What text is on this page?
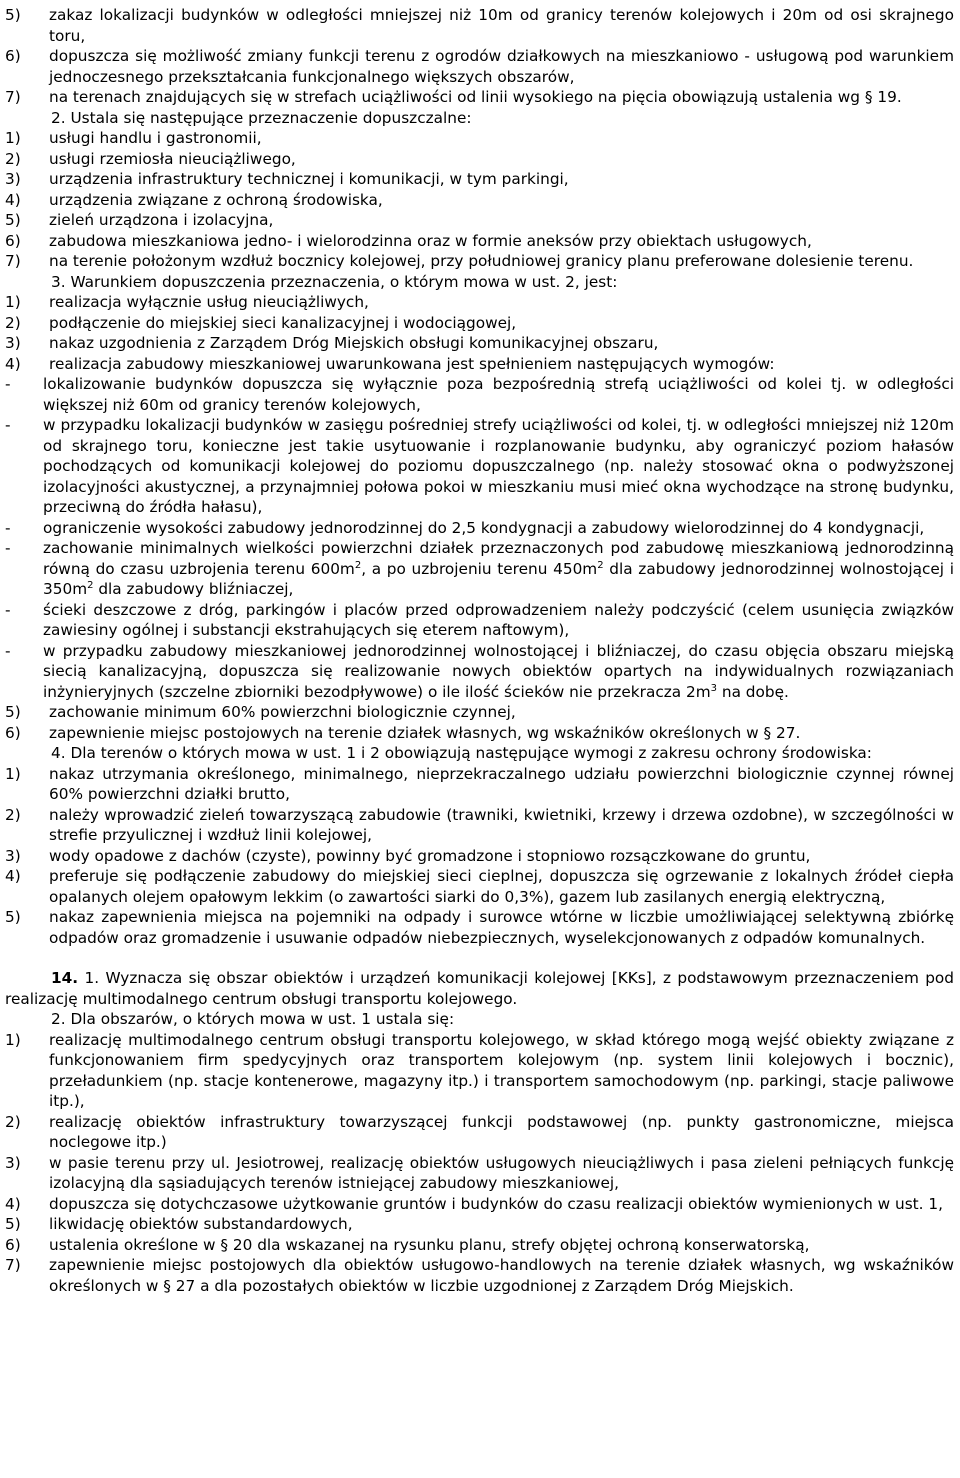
5) zakaz lokalizacji budynków w odległości mniejszej niż 10m od granicy terenów kolejowych i 20m od osi skrajnego toru,

6) dopuszcza się możliwość zmiany funkcji terenu z ogrodów działkowych na mieszkaniowo - usługową pod warunkiem jednoczesnego przekształcania funkcjonalnego większych obszarów,

7) na terenach znajdujących się w strefach uciążliwości od linii wysokiego na pięcia obowiązują ustalenia wg § 19.

2. Ustala się następujące przeznaczenie dopuszczalne:

1) usługi handlu i gastronomii,

2) usługi rzemiosła nieuciążliwego,

3) urządzenia infrastruktury technicznej i komunikacji, w tym parkingi,

4) urządzenia związane z ochroną środowiska,

5) zieleń urządzona i izolacyjna,

6) zabudowa mieszkaniowa jedno- i wielorodzinna oraz w formie aneksów przy obiektach usługowych,

7) na terenie położonym wzdłuż bocznicy kolejowej, przy południowej granicy planu preferowane dolesienie terenu.

3. Warunkiem dopuszczenia przeznaczenia, o którym mowa w ust. 2, jest:

1) realizacja wyłącznie usług nieuciążliwych,

2) podłączenie do miejskiej sieci kanalizacyjnej i wodociągowej,

3) nakaz uzgodnienia z Zarządem Dróg Miejskich obsługi komunikacyjnej obszaru,

4) realizacja zabudowy mieszkaniowej uwarunkowana jest spełnieniem następujących wymogów:

- lokalizowanie budynków dopuszcza się wyłącznie poza bezpośrednią strefą uciążliwości od kolei tj. w odległości większej niż 60m od granicy terenów kolejowych,

- w przypadku lokalizacji budynków w zasięgu pośredniej strefy uciążliwości od kolei, tj. w odległości mniejszej niż 120m od skrajnego toru, konieczne jest takie usytuowanie i rozplanowanie budynku, aby ograniczyć poziom hałasów pochodzących od komunikacji kolejowej do poziomu dopuszczalnego (np. należy stosować okna o podwyższonej izolacyjności akustycznej, a przynajmniej połowa pokoi w mieszkaniu musi mieć okna wychodzące na stronę budynku, przeciwną do źródła hałasu),

- ograniczenie wysokości zabudowy jednorodzinnej do 2,5 kondygnacji a zabudowy wielorodzinnej do 4 kondygnacji,

- zachowanie minimalnych wielkości powierzchni działek przeznaczonych pod zabudowę mieszkaniową jednorodzinną równą do czasu uzbrojenia terenu $600m^2$, a po uzbrojeniu terenu $450m^2$ dla zabudowy jednorodzinnej wolnostojącej i $350m^2$ dla zabudowy bliźniaczej,

- ścieki deszczowe z dróg, parkingów i placów przed odprowadzeniem należy podczyścić (celem usunięcia związków zawiesiny ogólnej i substancji ekstrahujących się eterem naftowym),

- w przypadku zabudowy mieszkaniowej jednorodzinnej wolnostojącej i bliźniaczej, do czasu objęcia obszaru miejską siecią kanalizacyjną, dopuszcza się realizowanie nowych obiektów opartych na indywidualnych rozwiązaniach inżynieryjnych (szczelne zbiorniki bezodpływowe) o ile ilość ścieków nie przekracza $2m^3$ na dobę.

5) zachowanie minimum 60% powierzchni biologicznie czynnej,

6) zapewnienie miejsc postojowych na terenie działek własnych, wg wskaźników określonych w § 27.

4. Dla terenów o których mowa w ust. 1 i 2 obowiązują następujące wymogi z zakresu ochrony środowiska:

1) nakaz utrzymania określonego, minimalnego, nieprzekraczalnego udziału powierzchni biologicznie czynnej równej 60% powierzchni działki brutto,

2) należy wprowadzić zieleń towarzyszącą zabudowie (trawniki, kwietniki, krzewy i drzewa ozdobne), w szczególności w strefie przyulicznej i wzdłuż linii kolejowej,

3) wody opadowe z dachów (czyste), powinny być gromadzone i stopniowo rozsączkowane do gruntu,

4) preferuje się podłączenie zabudowy do miejskiej sieci cieplnej, dopuszcza się ogrzewanie z lokalnych źródeł ciepła opalanych olejem opałowym lekkim (o zawartości siarki do 0,3%), gazem lub zasilanych energią elektryczną,

5) nakaz zapewnienia miejsca na pojemniki na odpady i surowce wtórne w liczbie umożliwiającej selektywną zbiórkę odpadów oraz gromadzenie i usuwanie odpadów niebezpiecznych, wyselekcjonowanych z odpadów komunalnych.

14. 1. Wyznacza się obszar obiektów i urządzeń komunikacji kolejowej [KKs], z podstawowym przeznaczeniem pod realizację multimodalnego centrum obsługi transportu kolejowego.

2. Dla obszarów, o których mowa w ust. 1 ustala się:

1) realizację multimodalnego centrum obsługi transportu kolejowego, w skład którego mogą wejść obiekty związane z funkcjonowaniem firm spedycyjnych oraz transportem kolejowym (np. system linii kolejowych i bocznic), przeładunkiem (np. stacje kontenerowe, magazyny itp.) i transportem samochodowym (np. parkingi, stacje paliwowe itp.),

2) realizację obiektów infrastruktury towarzyszącej funkcji podstawowej (np. punkty gastronomiczne, miejsca noclegowe itp.)

3) w pasie terenu przy ul. Jesiotrowej, realizację obiektów usługowych nieuciążliwych i pasa zieleni pełniących funkcję izolacyjną dla sąsiadujących terenów istniejącej zabudowy mieszkaniowej,

4) dopuszcza się dotychczasowe użytkowanie gruntów i budynków do czasu realizacji obiektów wymienionych w ust. 1,

5) likwidację obiektów substandardowych,

6) ustalenia określone w § 20 dla wskazanej na rysunku planu, strefy objętej ochroną konserwatorską,

7) zapewnienie miejsc postojowych dla obiektów usługowo-handlowych na terenie działek własnych, wg wskaźników określonych w § 27 a dla pozostałych obiektów w liczbie uzgodnionej z Zarządem Dróg Miejskich.
